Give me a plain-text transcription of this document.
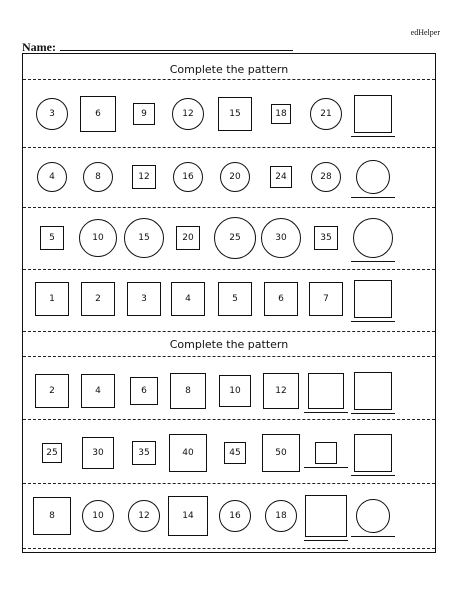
edHelper
Name:
Complete the pattern
3	6	9	12	15	18	21
4	8	12	16	20	24	28
5	10	15	20	25	30	35
1	2	3	4	5	6	7
Complete the pattern
2	4	6	8	10	12
25	30	35	40	45	50
8	10	12	14	16	18
